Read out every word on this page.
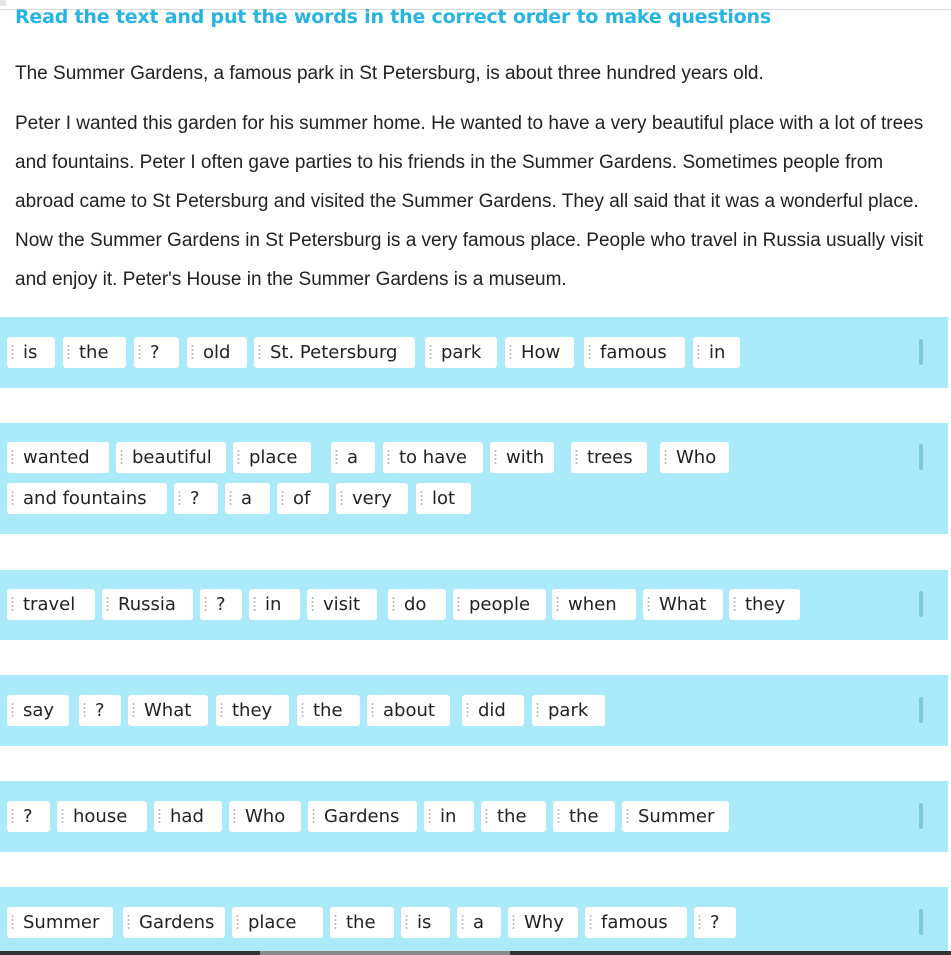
Read the text and put the words in the correct order to make questions

The Summer Gardens, a famous park in St Petersburg, is about three hundred years old.

Peter I wanted this garden for his summer home. He wanted to have a very beautiful place with a lot of trees and fountains. Peter I often gave parties to his friends in the Summer Gardens. Sometimes people from abroad came to St Petersburg and visited the Summer Gardens. They all said that it was a wonderful place. Now the Summer Gardens in St Petersburg is a very famous place. People who travel in Russia usually visit and enjoy it. Peter's House in the Summer Gardens is a museum.

is the ? old St. Petersburg park How famous in
wanted beautiful place	a to have with trees Who
and fountains ? a of very lot
travel Russia ? in visit do people when What they
say ? What they the about did park
? house had Who Gardens in the the Summer
Summer Gardens place	the is a Why famous ?
